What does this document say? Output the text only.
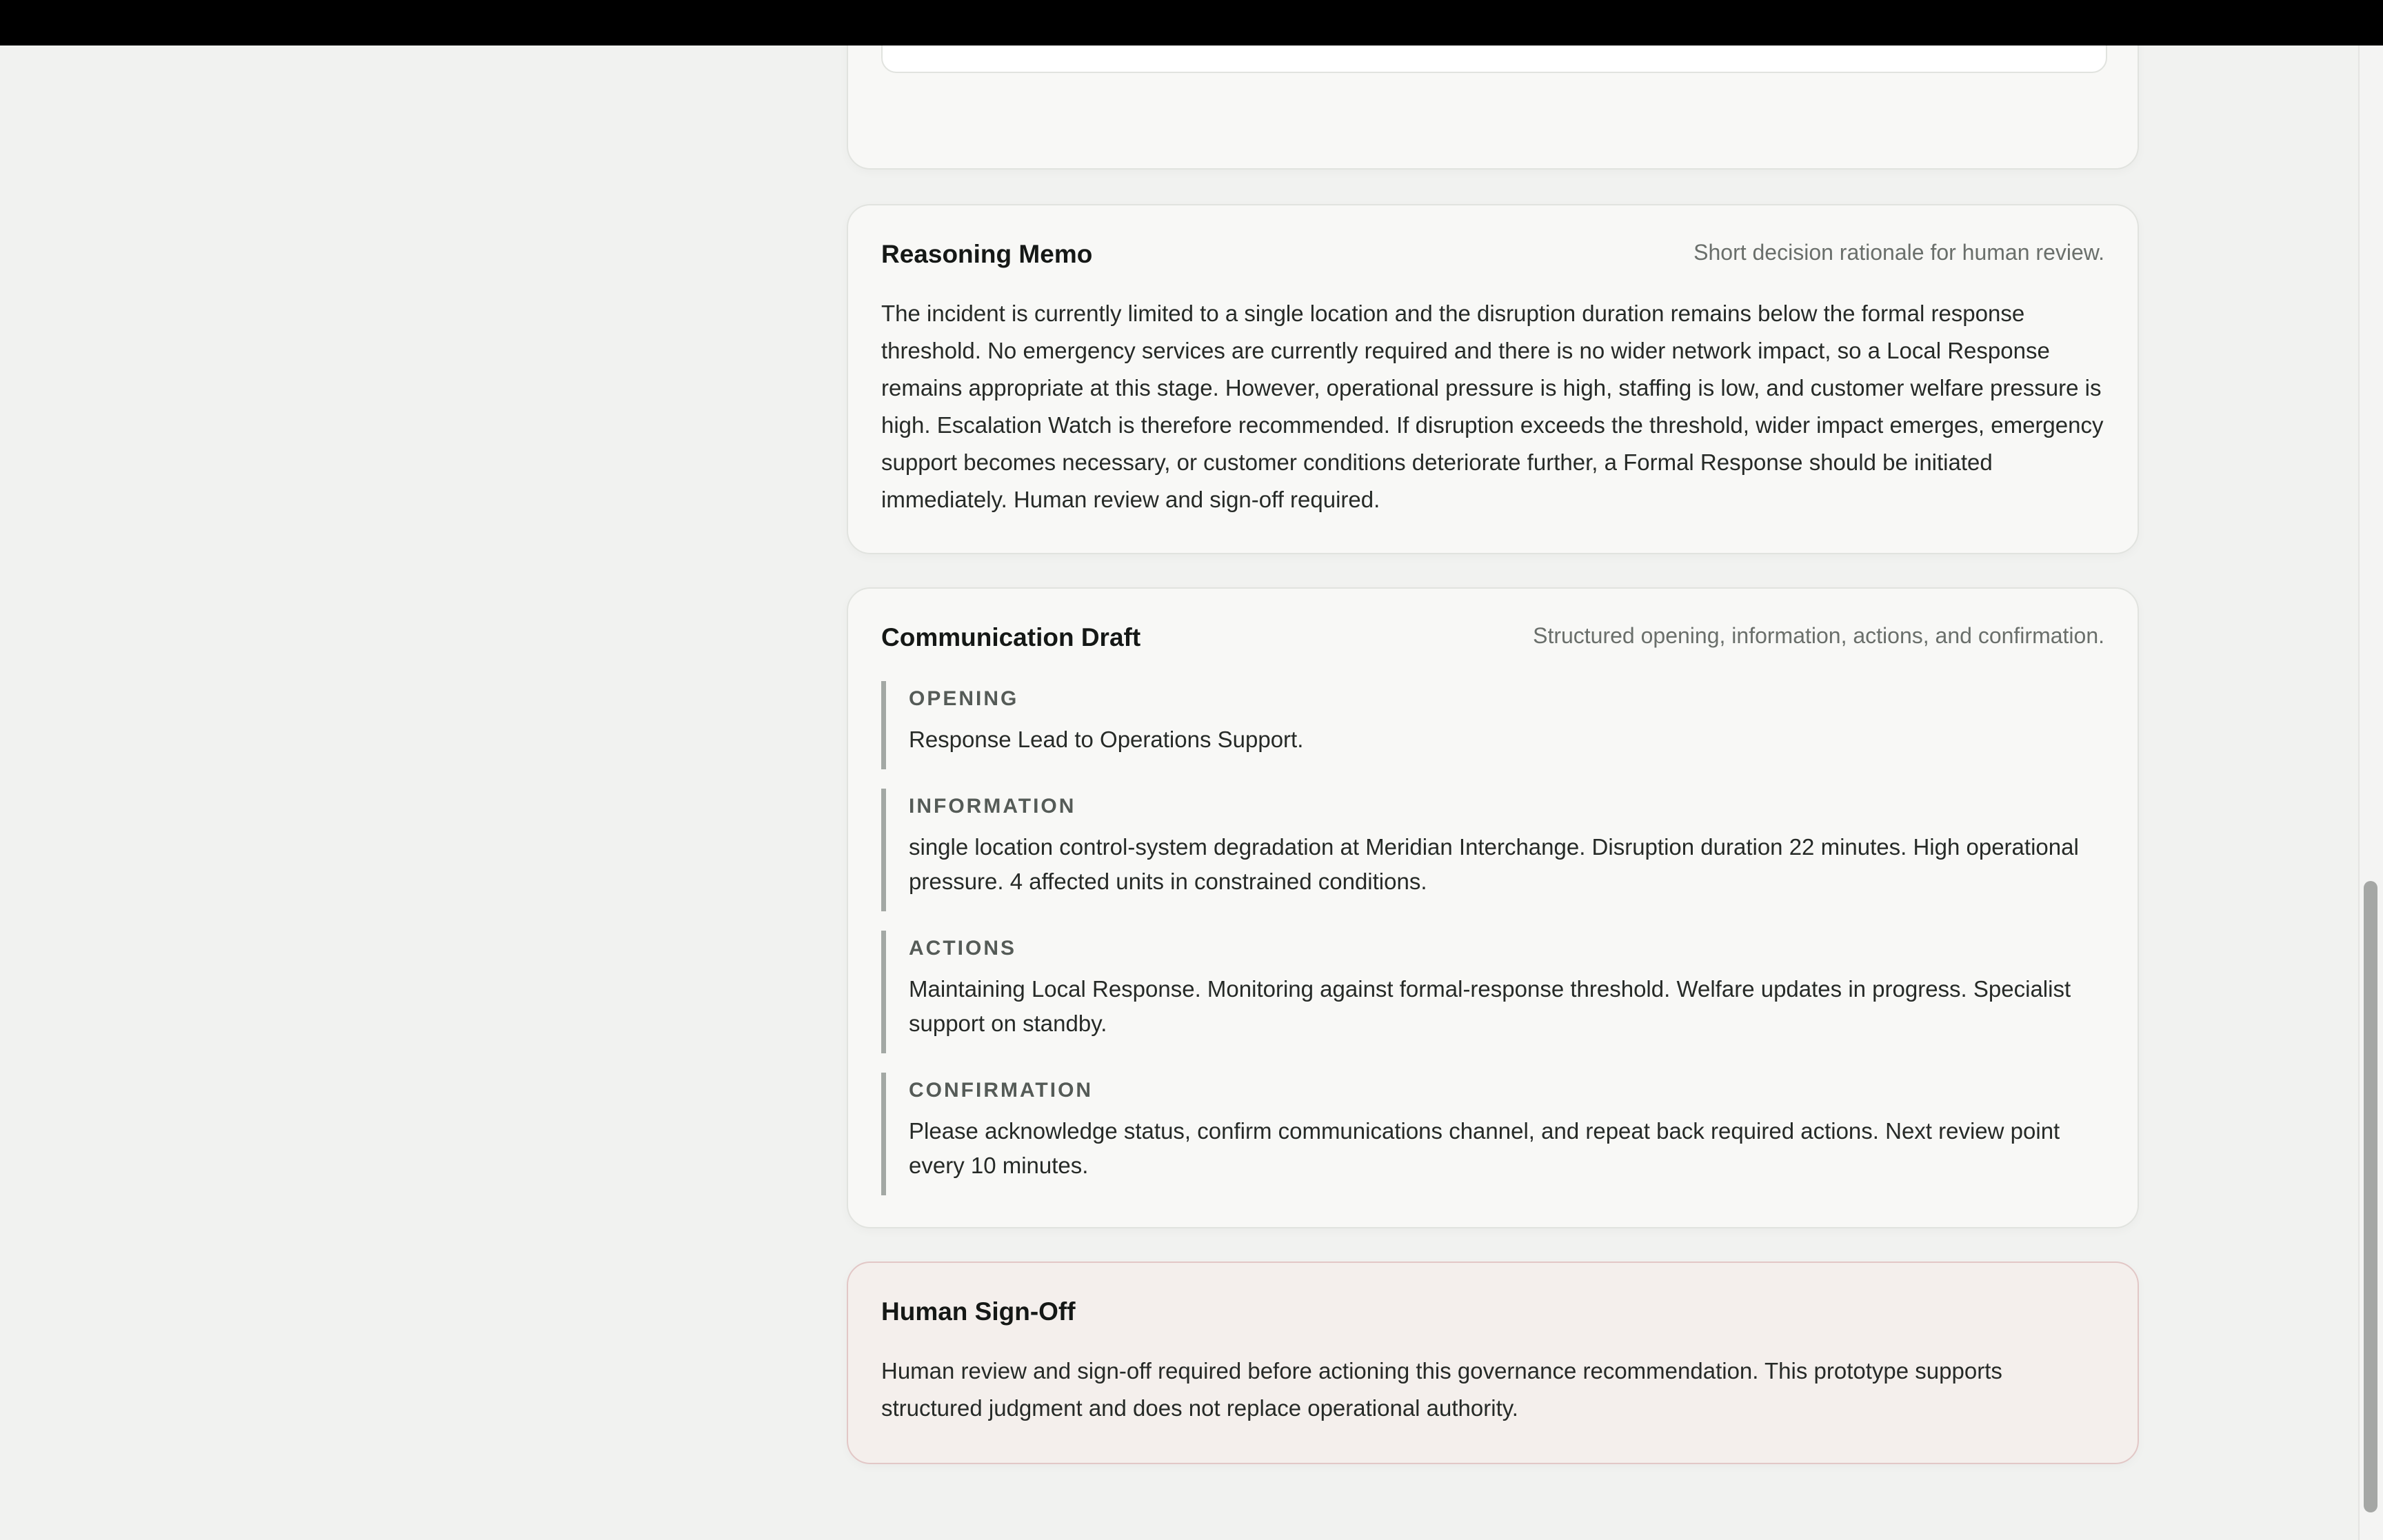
Reasoning Memo	Short decision rationale for human review.
The incident is currently limited to a single location and the disruption duration remains below the formal response threshold. No emergency services are currently required and there is no wider network impact, so a Local Response remains appropriate at this stage. However, operational pressure is high, staffing is low, and customer welfare pressure is high. Escalation Watch is therefore recommended. If disruption exceeds the threshold, wider impact emerges, emergency support becomes necessary, or customer conditions deteriorate further, a Formal Response should be initiated immediately. Human review and sign-off required.
Communication Draft	Structured opening, information, actions, and confirmation.
OPENING
Response Lead to Operations Support.
INFORMATION
single location control-system degradation at Meridian Interchange. Disruption duration 22 minutes. High operational pressure. 4 affected units in constrained conditions.
ACTIONS
Maintaining Local Response. Monitoring against formal-response threshold. Welfare updates in progress. Specialist support on standby.
CONFIRMATION
Please acknowledge status, confirm communications channel, and repeat back required actions. Next review point every 10 minutes.
Human Sign-Off
Human review and sign-off required before actioning this governance recommendation. This prototype supports structured judgment and does not replace operational authority.
